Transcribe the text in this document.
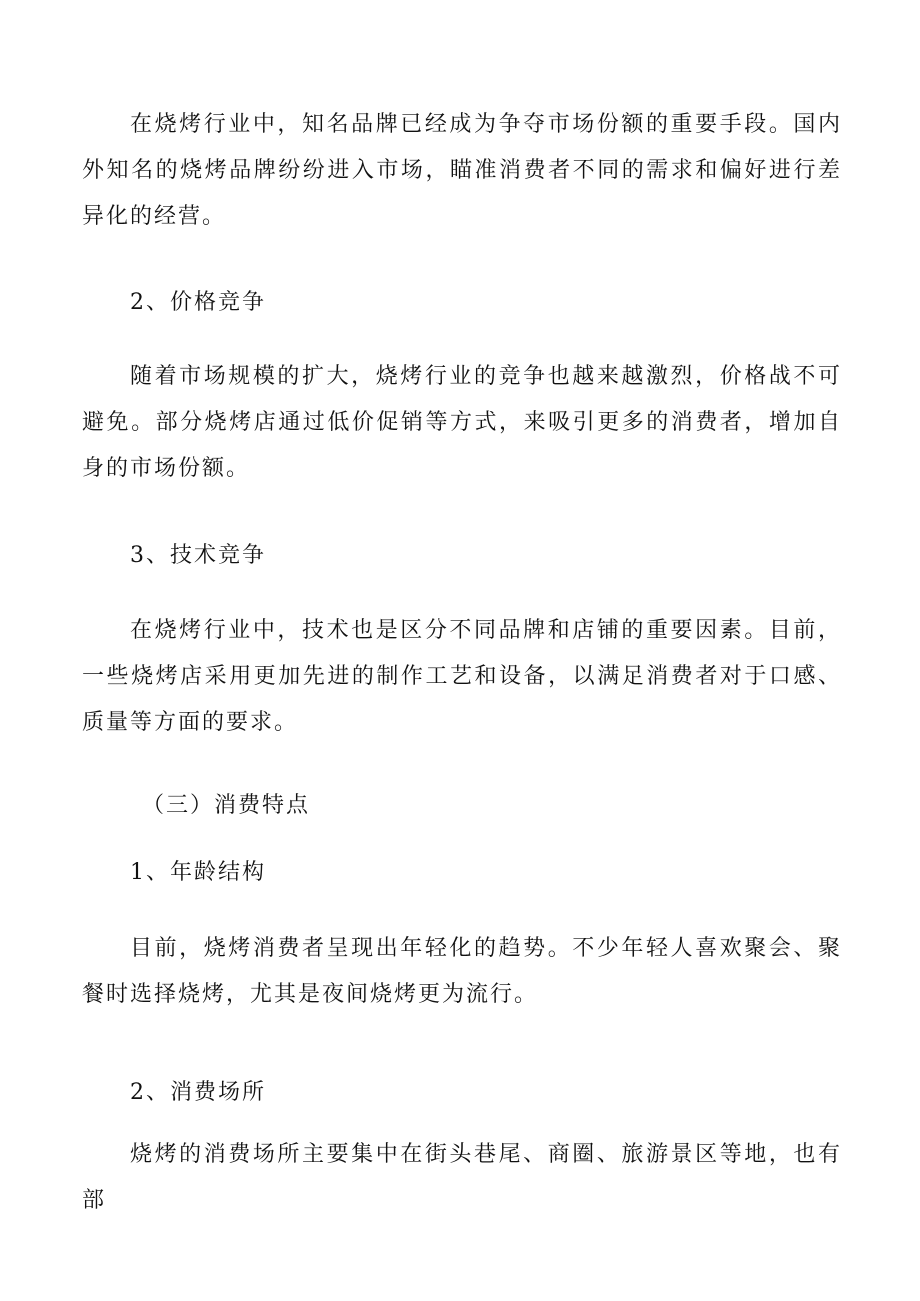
在烧烤行业中，知名品牌已经成为争夺市场份额的重要手段。国内外知名的烧烤品牌纷纷进入市场，瞄准消费者不同的需求和偏好进行差异化的经营。

2、价格竞争

随着市场规模的扩大，烧烤行业的竞争也越来越激烈，价格战不可避免。部分烧烤店通过低价促销等方式，来吸引更多的消费者，增加自身的市场份额。

3、技术竞争

在烧烤行业中，技术也是区分不同品牌和店铺的重要因素。目前，一些烧烤店采用更加先进的制作工艺和设备，以满足消费者对于口感、质量等方面的要求。

（三）消费特点

1、年龄结构

目前，烧烤消费者呈现出年轻化的趋势。不少年轻人喜欢聚会、聚餐时选择烧烤，尤其是夜间烧烤更为流行。

2、消费场所

烧烤的消费场所主要集中在街头巷尾、商圈、旅游景区等地，也有部
